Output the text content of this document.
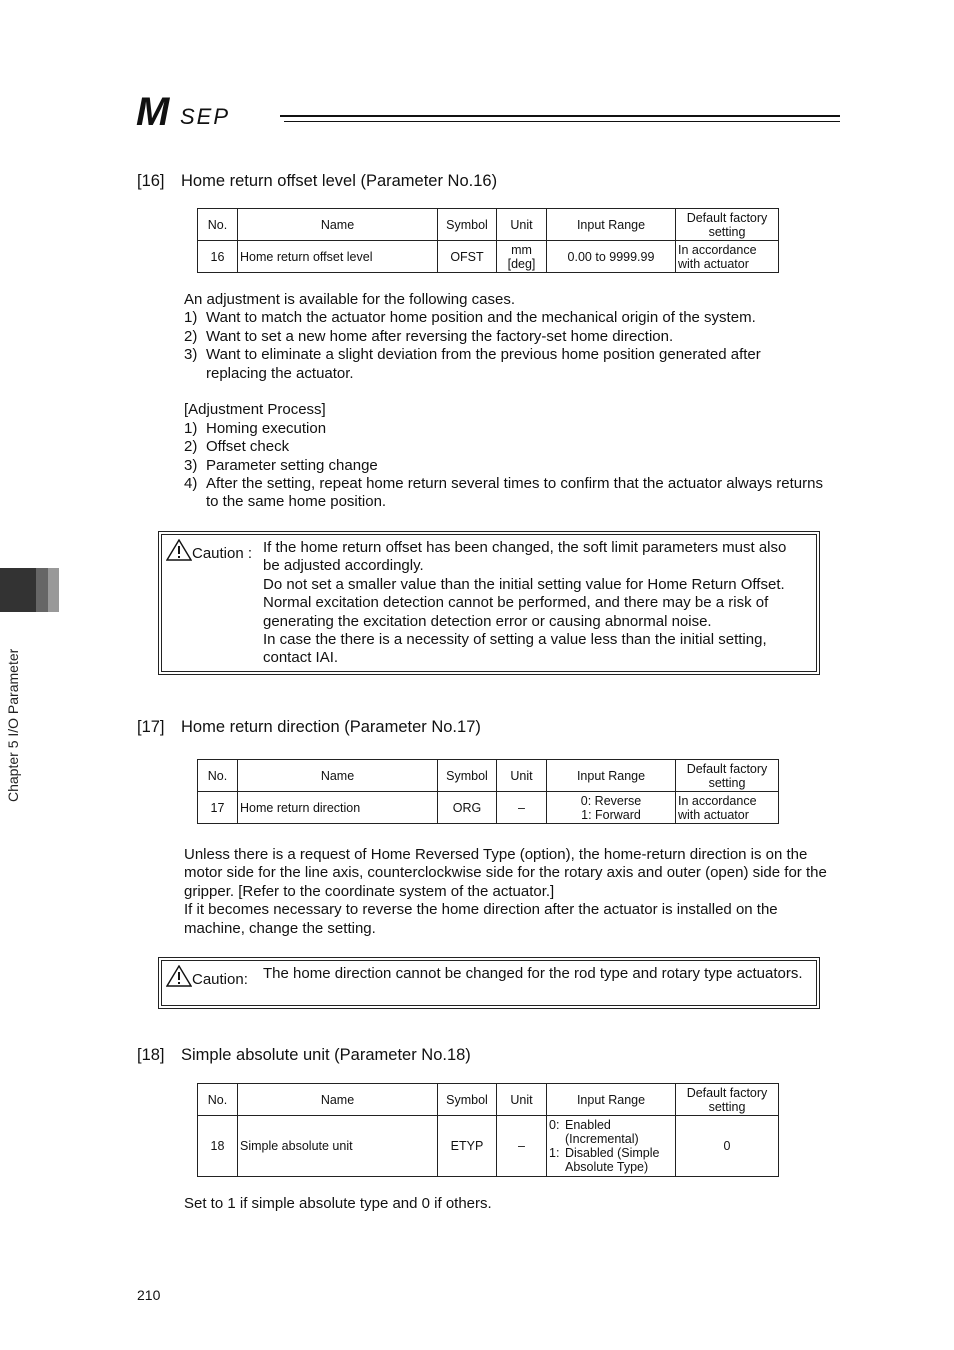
M SEP
Chapter 5 I/O Parameter
[16] Home return offset level (Parameter No.16)
No.	Name	Symbol	Unit	Input Range	Default factory setting
16	Home return offset level	OFST	mm [deg]	0.00 to 9999.99	In accordance with actuator

An adjustment is available for the following cases.

1) Want to match the actuator home position and the mechanical origin of the system.
2) Want to set a new home after reversing the factory-set home direction.
3) Want to eliminate a slight deviation from the previous home position generated after replacing the actuator.

[Adjustment Process]

1) Homing execution
2) Offset check
3) Parameter setting change
4) After the setting, repeat home return several times to confirm that the actuator always returns to the same home position.
Caution : If the home return offset has been changed, the soft limit parameters must also be adjusted accordingly.

Do not set a smaller value than the initial setting value for Home Return Offset. Normal excitation detection cannot be performed, and there may be a risk of generating the excitation detection error or causing abnormal noise.

In case the there is a necessity of setting a value less than the initial setting, contact IAI.

[17] Home return direction (Parameter No.17)
No.	Name	Symbol	Unit	Input Range	Default factory setting
17	Home return direction	ORG	–	0: Reverse
1: Forward	In accordance with actuator

Unless there is a request of Home Reversed Type (option), the home-return direction is on the motor side for the line axis, counterclockwise side for the rotary axis and outer (open) side for the gripper. [Refer to the coordinate system of the actuator.]

If it becomes necessary to reverse the home direction after the actuator is installed on the machine, change the setting.

Caution: The home direction cannot be changed for the rod type and rotary type actuators.

[18] Simple absolute unit (Parameter No.18)
No.	Name	Symbol	Unit	Input Range	Default factory setting
18	Simple absolute unit	ETYP	–	0: Enabled (Incremental)
1: Disabled (Simple Absolute Type)	0

Set to 1 if simple absolute type and 0 if others.

210
